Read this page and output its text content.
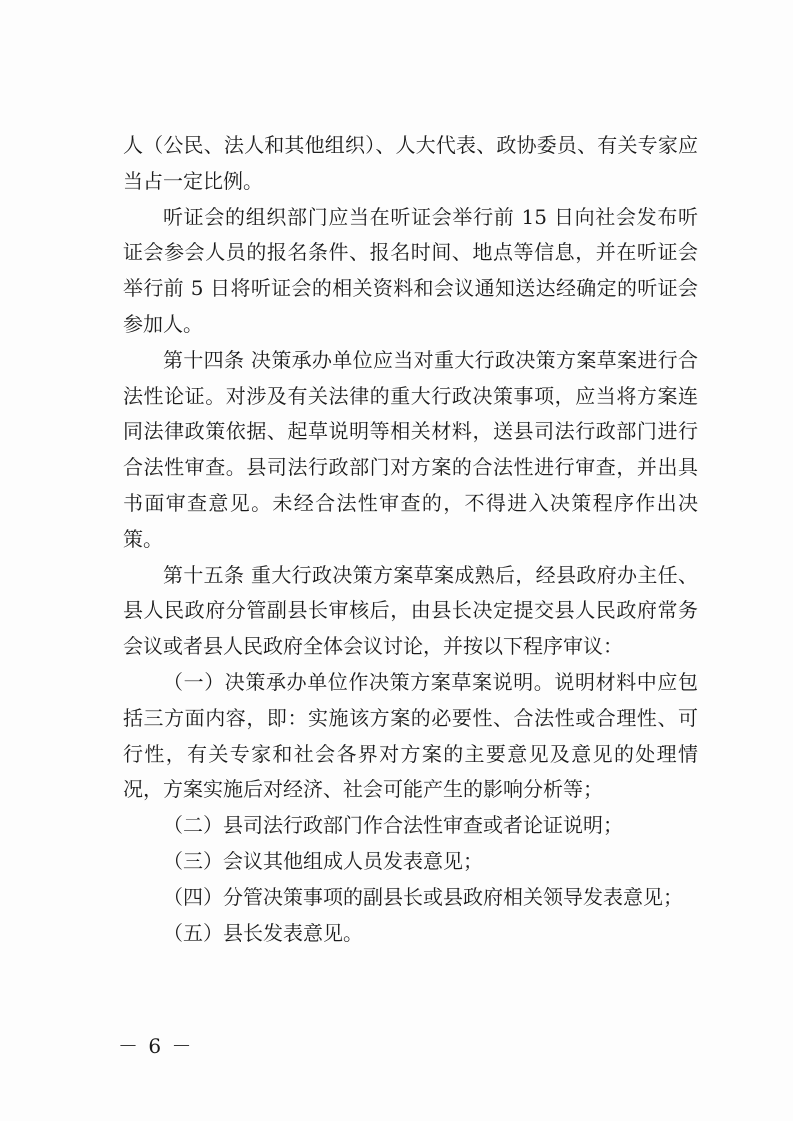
人（公民、法人和其他组织）、人大代表、政协委员、有关专家应当占一定比例。

听证会的组织部门应当在听证会举行前 15 日向社会发布听证会参会人员的报名条件、报名时间、地点等信息，并在听证会举行前 5 日将听证会的相关资料和会议通知送达经确定的听证会参加人。

第十四条 决策承办单位应当对重大行政决策方案草案进行合法性论证。对涉及有关法律的重大行政决策事项，应当将方案连同法律政策依据、起草说明等相关材料，送县司法行政部门进行合法性审查。县司法行政部门对方案的合法性进行审查，并出具书面审查意见。未经合法性审查的，不得进入决策程序作出决策。

第十五条 重大行政决策方案草案成熟后，经县政府办主任、县人民政府分管副县长审核后，由县长决定提交县人民政府常务会议或者县人民政府全体会议讨论，并按以下程序审议：

（一）决策承办单位作决策方案草案说明。说明材料中应包括三方面内容，即：实施该方案的必要性、合法性或合理性、可行性，有关专家和社会各界对方案的主要意见及意见的处理情况，方案实施后对经济、社会可能产生的影响分析等；

（二）县司法行政部门作合法性审查或者论证说明；

（三）会议其他组成人员发表意见；

（四）分管决策事项的副县长或县政府相关领导发表意见；

（五）县长发表意见。

－ 6 －
